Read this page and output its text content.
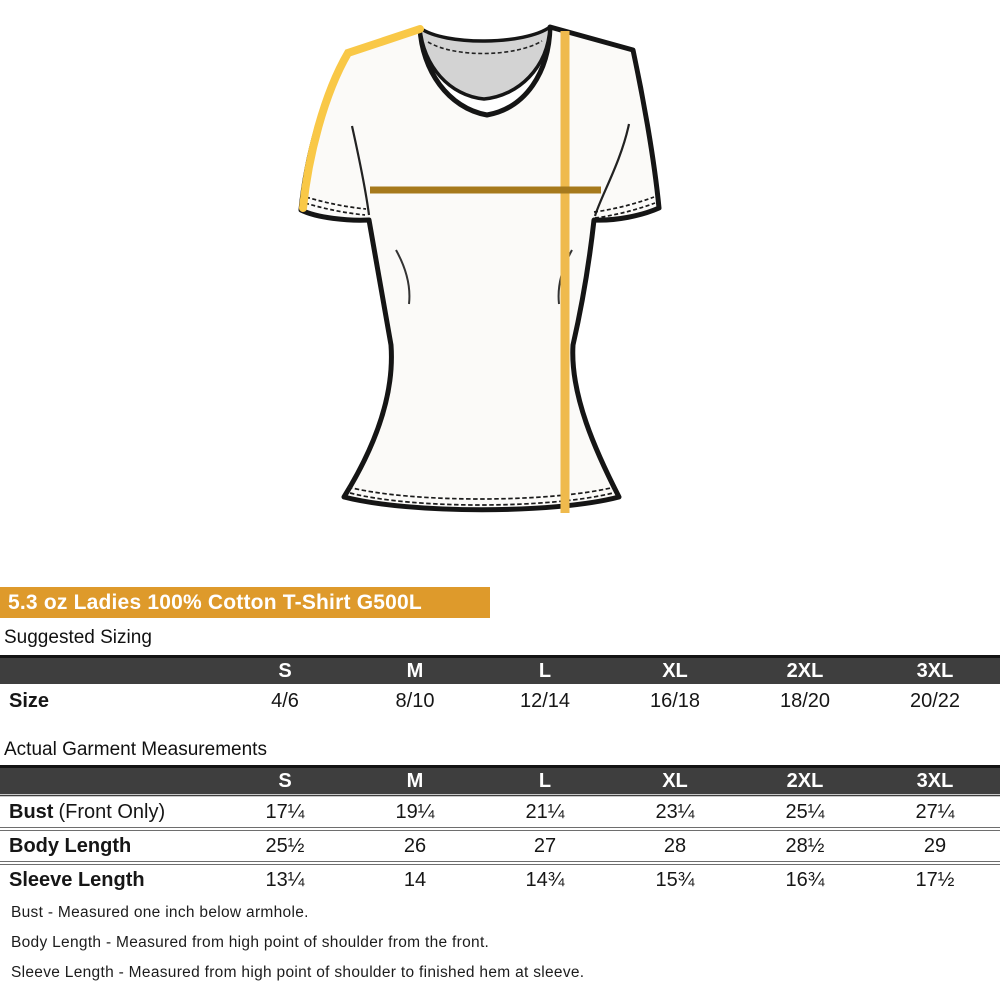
5.3 oz Ladies 100% Cotton T-Shirt G500L
Suggested Sizing
	S	M	L	XL	2XL	3XL
Size	4/6	8/10	12/14	16/18	18/20	20/22
Actual Garment Measurements
	S	M	L	XL	2XL	3XL
Bust (Front Only)	17¼	19¼	21¼	23¼	25¼	27¼
Body Length	25½	26	27	28	28½	29
Sleeve Length	13¼	14	14¾	15¾	16¾	17½
Bust - Measured one inch below armhole.
Body Length - Measured from high point of shoulder from the front.
Sleeve Length - Measured from high point of shoulder to finished hem at sleeve.
